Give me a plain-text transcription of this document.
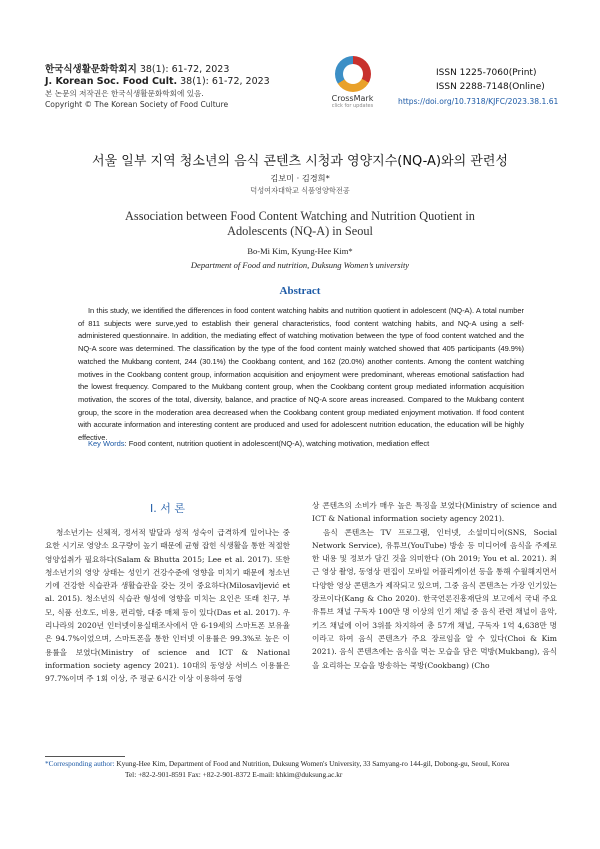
한국식생활문화학회지 38(1): 61-72, 2023
J. Korean Soc. Food Cult. 38(1): 61-72, 2023
본 논문의 저작권은 한국식생활문화학회에 있음.
Copyright © The Korean Society of Food Culture
CrossMark
click for updates
ISSN 1225-7060(Print)
ISSN 2288-7148(Online)
https://doi.org/10.7318/KJFC/2023.38.1.61
서울 일부 지역 청소년의 음식 콘텐츠 시청과 영양지수(NQ-A)와의 관련성
김보미 · 김경희*
덕성여자대학교 식품영양학전공
Association between Food Content Watching and Nutrition Quotient in Adolescents (NQ-A) in Seoul
Bo-Mi Kim, Kyung-Hee Kim*
Department of Food and nutrition, Duksung Women’s university
Abstract
In this study, we identified the differences in food content watching habits and nutrition quotient in adolescent (NQ-A). A total number of 811 subjects were surve,yed to establish their general characteristics, food content watching habits, and NQ-A using a self-administered questionnaire. In addition, the mediating effect of watching motivation between the type of food content watched and the NQ-A score was determined. The classification by the type of the food content mainly watched showed that 405 participants (49.9%) watched the Mukbang content, 244 (30.1%) the Cookbang content, and 162 (20.0%) another contents. Among the content watching motives in the Cookbang content group, information acquisition and enjoyment were predominant, whereas emotional satisfaction had the lowest frequency. Compared to the Mukbang content group, when the Cookbang content group mediated information acquisition motivation, the scores of the total, diversity, balance, and practice of NQ-A score areas increased. Compared to the Mukbang content group, the score in the moderation area decreased when the Cookbang content group mediated enjoyment motivation. If food content with accurate information and interesting content are produced and used for adolescent nutrition education, the education will be highly effective.
Key Words: Food content, nutrition quotient in adolescent(NQ-A), watching motivation, mediation effect
I. 서 론

청소년기는 신체적, 정서적 발달과 성적 성숙이 급격하게 일어나는 중요한 시기로 영양소 요구량이 높기 때문에 균형 잡힌 식생활을 통한 적절한 영양섭취가 필요하다(Salam & Bhutta 2015; Lee et al. 2017). 또한 청소년기의 영양 상태는 성인기 건강수준에 영향을 미치기 때문에 청소년기에 건강한 식습관과 생활습관을 갖는 것이 중요하다(Milosavljević et al. 2015). 청소년의 식습관 형성에 영향을 미치는 요인은 또래 친구, 부모, 식품 선호도, 비용, 편리함, 대중 매체 등이 있다(Das et al. 2017). 우리나라의 2020년 인터넷이용실태조사에서 만 6-19세의 스마트폰 보유율은 94.7%이었으며, 스마트폰을 통한 인터넷 이용률은 99.3%로 높은 이용률을 보였다(Ministry of science and ICT & National information society agency 2021). 10대의 동영상 서비스 이용률은 97.7%이며 주 1회 이상, 주 평균 6시간 이상 이용하여 동영

상 콘텐츠의 소비가 매우 높은 특징을 보였다(Ministry of science and ICT & National information society agency 2021).

음식 콘텐츠는 TV 프로그램, 인터넷, 소셜미디어(SNS, Social Network Service), 유튜브(YouTube) 방송 등 미디어에 음식을 주제로 한 내용 및 정보가 담긴 것을 의미한다 (Oh 2019; You et al. 2021). 최근 영상 촬영, 동영상 편집이 모바일 어플리케이션 등을 통해 수월해지면서 다양한 영상 콘텐츠가 제작되고 있으며, 그중 음식 콘텐츠는 가장 인기있는 장르이다(Kang & Cho 2020). 한국언론진흥재단의 보고에서 국내 주요 유튜브 채널 구독자 100만 명 이상의 인기 채널 중 음식 관련 채널이 음악, 키즈 채널에 이어 3위를 차지하여 총 57개 채널, 구독자 1억 4,638만 명이라고 하여 음식 콘텐츠가 주요 장르임을 알 수 있다(Choi & Kim 2021). 음식 콘텐츠에는 음식을 먹는 모습을 담은 먹방(Mukbang), 음식을 요리하는 모습을 방송하는 쿡방(Cookbang) (Cho

*Corresponding author: Kyung-Hee Kim, Department of Food and Nutrition, Duksung Women's University, 33 Samyang-ro 144-gil, Dobong-gu, Seoul, Korea
Tel: +82-2-901-8591 Fax: +82-2-901-8372 E-mail: khkim@duksung.ac.kr
